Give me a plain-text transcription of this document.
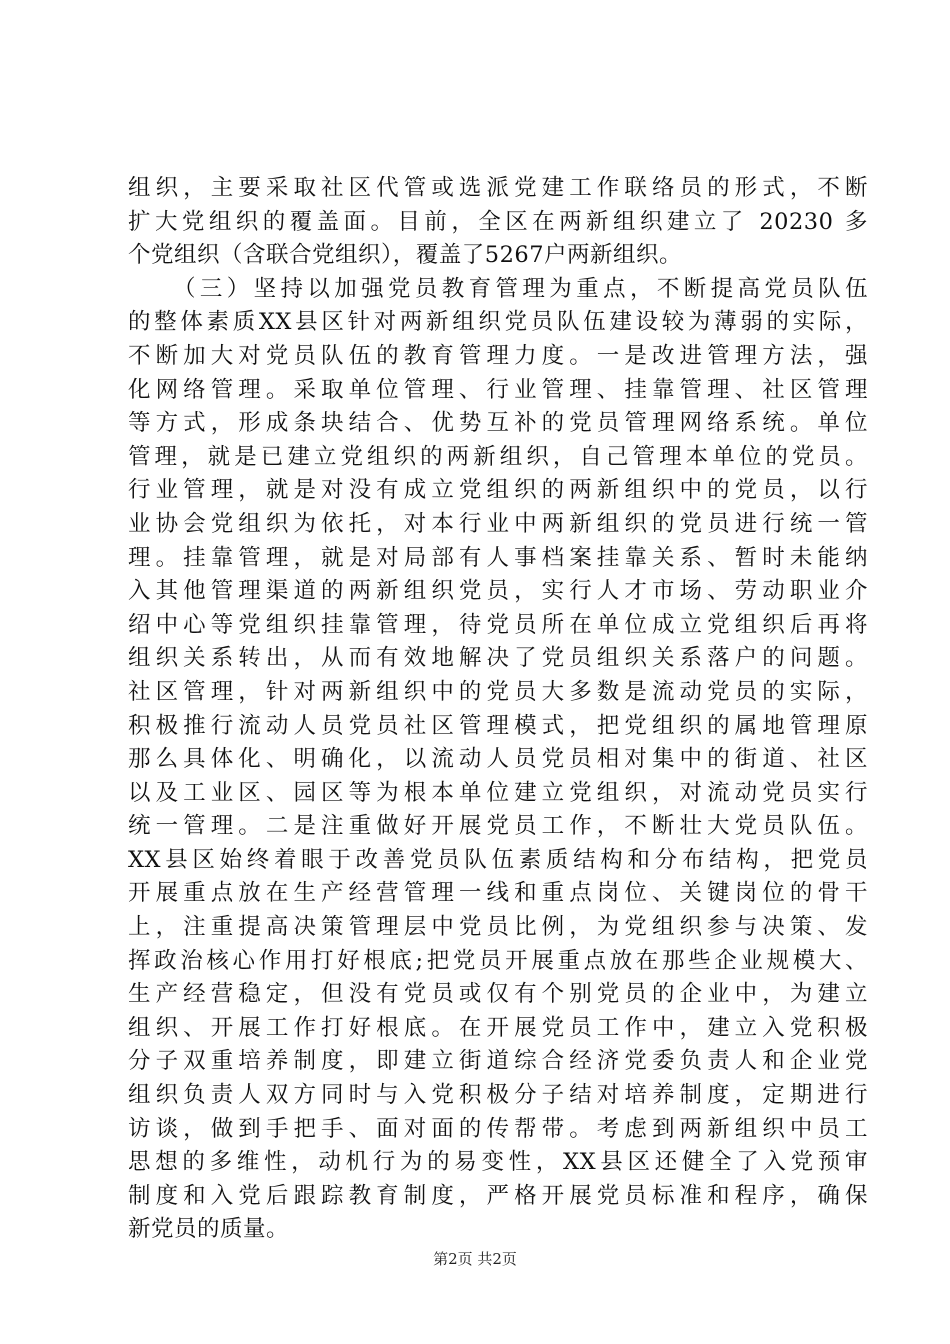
组织，主要采取社区代管或选派党建工作联络员的形式，不断
扩大党组织的覆盖面。目前，全区在两新组织建立了 20230 多
个党组织（含联合党组织），覆盖了5267户两新组织。
（三）坚持以加强党员教育管理为重点，不断提高党员队伍
的整体素质XX县区针对两新组织党员队伍建设较为薄弱的实际，
不断加大对党员队伍的教育管理力度。一是改进管理方法，强
化网络管理。采取单位管理、行业管理、挂靠管理、社区管理
等方式，形成条块结合、优势互补的党员管理网络系统。单位
管理，就是已建立党组织的两新组织，自己管理本单位的党员。
行业管理，就是对没有成立党组织的两新组织中的党员，以行
业协会党组织为依托，对本行业中两新组织的党员进行统一管
理。挂靠管理，就是对局部有人事档案挂靠关系、暂时未能纳
入其他管理渠道的两新组织党员，实行人才市场、劳动职业介
绍中心等党组织挂靠管理，待党员所在单位成立党组织后再将
组织关系转出，从而有效地解决了党员组织关系落户的问题。
社区管理，针对两新组织中的党员大多数是流动党员的实际，
积极推行流动人员党员社区管理模式，把党组织的属地管理原
那么具体化、明确化，以流动人员党员相对集中的街道、社区
以及工业区、园区等为根本单位建立党组织，对流动党员实行
统一管理。二是注重做好开展党员工作，不断壮大党员队伍。
XX县区始终着眼于改善党员队伍素质结构和分布结构，把党员
开展重点放在生产经营管理一线和重点岗位、关键岗位的骨干
上，注重提高决策管理层中党员比例，为党组织参与决策、发
挥政治核心作用打好根底;把党员开展重点放在那些企业规模大、
生产经营稳定，但没有党员或仅有个别党员的企业中，为建立
组织、开展工作打好根底。在开展党员工作中，建立入党积极
分子双重培养制度，即建立街道综合经济党委负责人和企业党
组织负责人双方同时与入党积极分子结对培养制度，定期进行
访谈，做到手把手、面对面的传帮带。考虑到两新组织中员工
思想的多维性，动机行为的易变性，XX县区还健全了入党预审
制度和入党后跟踪教育制度，严格开展党员标准和程序，确保
新党员的质量。
第2页 共2页
